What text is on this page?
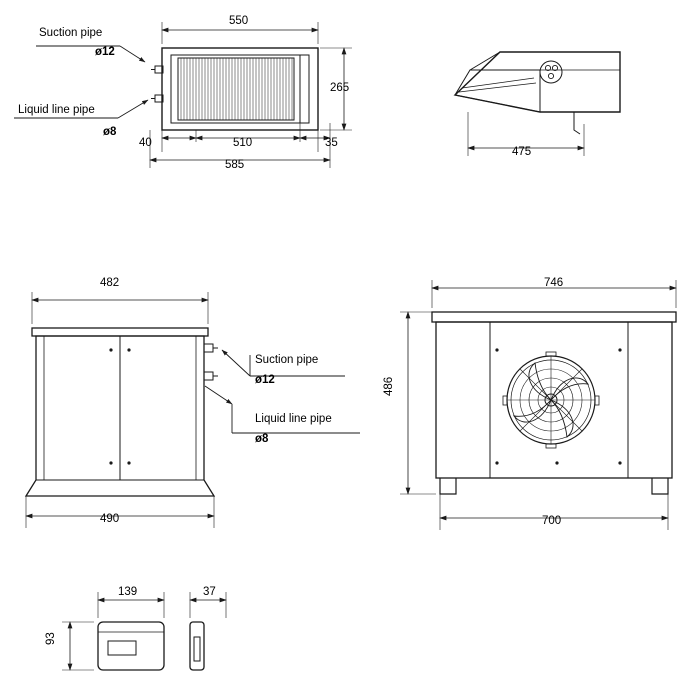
550
265
40	510	35
585
Suction pipe
ø12
Liquid line pipe
ø8
475
482
490
Suction pipe
ø12
Liquid line pipe
ø8
746
486
700
139
93
37
